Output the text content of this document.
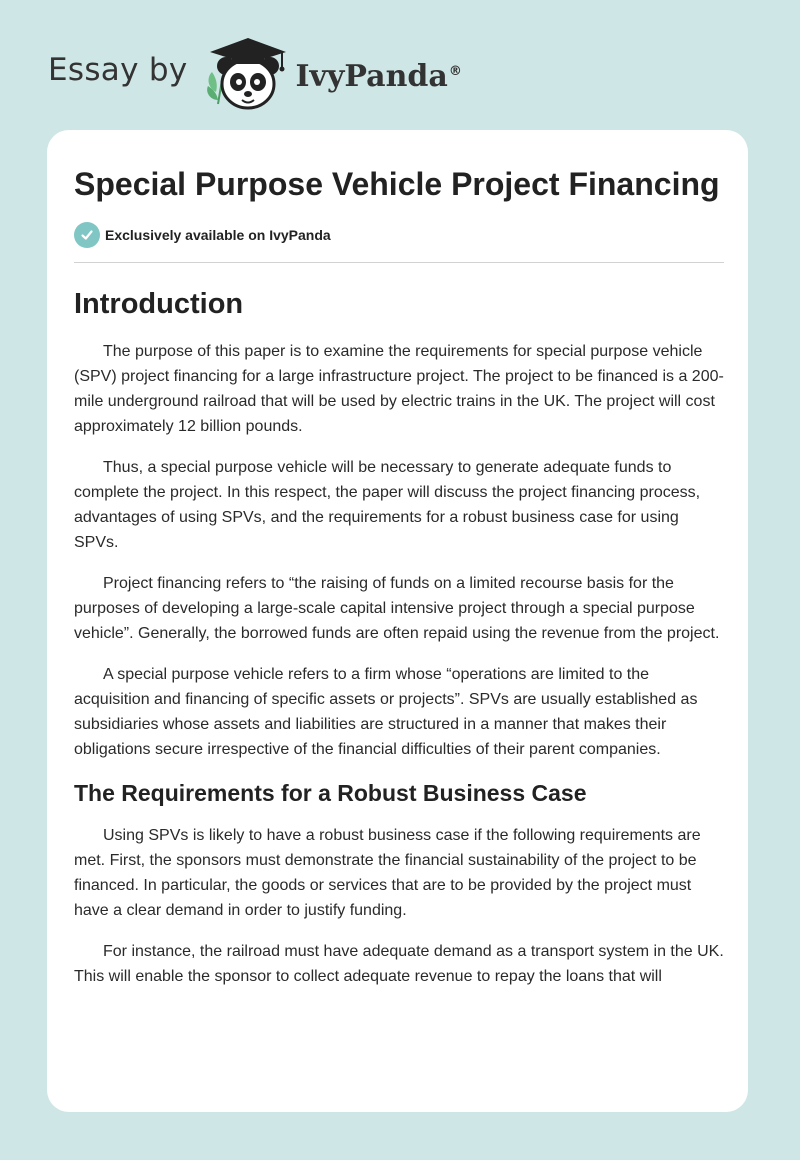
Essay by	IvyPanda®
Special Purpose Vehicle Project Financing
Exclusively available on IvyPanda
Introduction

The purpose of this paper is to examine the requirements for special purpose vehicle (SPV) project financing for a large infrastructure project. The project to be financed is a 200-mile underground railroad that will be used by electric trains in the UK. The project will cost approximately 12 billion pounds.

Thus, a special purpose vehicle will be necessary to generate adequate funds to complete the project. In this respect, the paper will discuss the project financing process, advantages of using SPVs, and the requirements for a robust business case for using SPVs.

Project financing refers to “the raising of funds on a limited recourse basis for the purposes of developing a large-scale capital intensive project through a special purpose vehicle”. Generally, the borrowed funds are often repaid using the revenue from the project.

A special purpose vehicle refers to a firm whose “operations are limited to the acquisition and financing of specific assets or projects”. SPVs are usually established as subsidiaries whose assets and liabilities are structured in a manner that makes their obligations secure irrespective of the financial difficulties of their parent companies.

The Requirements for a Robust Business Case

Using SPVs is likely to have a robust business case if the following requirements are met. First, the sponsors must demonstrate the financial sustainability of the project to be financed. In particular, the goods or services that are to be provided by the project must have a clear demand in order to justify funding.

For instance, the railroad must have adequate demand as a transport system in the UK. This will enable the sponsor to collect adequate revenue to repay the loans that will
